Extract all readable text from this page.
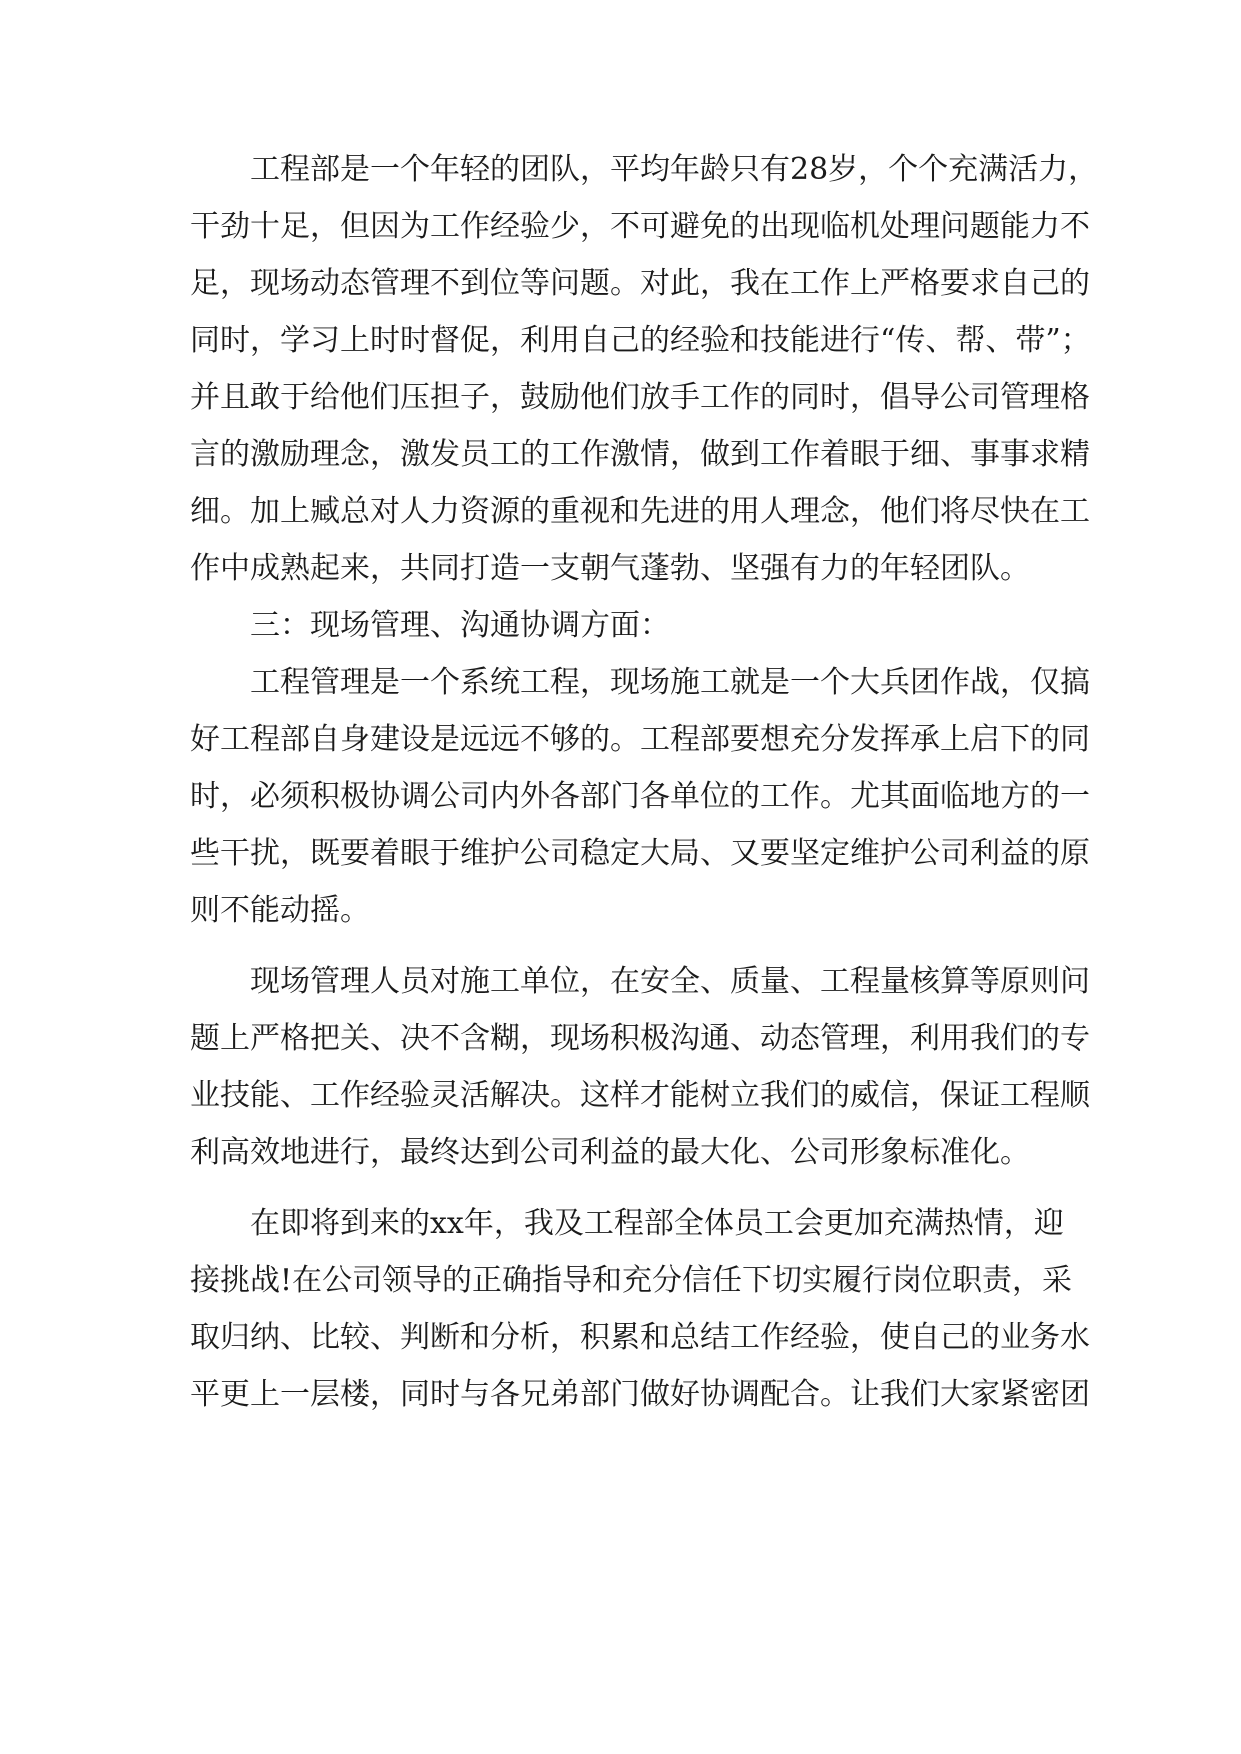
工程部是一个年轻的团队，平均年龄只有28岁，个个充满活力，
干劲十足，但因为工作经验少，不可避免的出现临机处理问题能力不
足，现场动态管理不到位等问题。对此，我在工作上严格要求自己的
同时，学习上时时督促，利用自己的经验和技能进行“传、帮、带”；
并且敢于给他们压担子，鼓励他们放手工作的同时，倡导公司管理格
言的激励理念，激发员工的工作激情，做到工作着眼于细、事事求精
细。加上臧总对人力资源的重视和先进的用人理念，他们将尽快在工
作中成熟起来，共同打造一支朝气蓬勃、坚强有力的年轻团队。
三：现场管理、沟通协调方面：
工程管理是一个系统工程，现场施工就是一个大兵团作战，仅搞
好工程部自身建设是远远不够的。工程部要想充分发挥承上启下的同
时，必须积极协调公司内外各部门各单位的工作。尤其面临地方的一
些干扰，既要着眼于维护公司稳定大局、又要坚定维护公司利益的原
则不能动摇。
现场管理人员对施工单位，在安全、质量、工程量核算等原则问
题上严格把关、决不含糊，现场积极沟通、动态管理，利用我们的专
业技能、工作经验灵活解决。这样才能树立我们的威信，保证工程顺
利高效地进行，最终达到公司利益的最大化、公司形象标准化。
在即将到来的xx年，我及工程部全体员工会更加充满热情，迎
接挑战!在公司领导的正确指导和充分信任下切实履行岗位职责，采
取归纳、比较、判断和分析，积累和总结工作经验，使自己的业务水
平更上一层楼，同时与各兄弟部门做好协调配合。让我们大家紧密团
